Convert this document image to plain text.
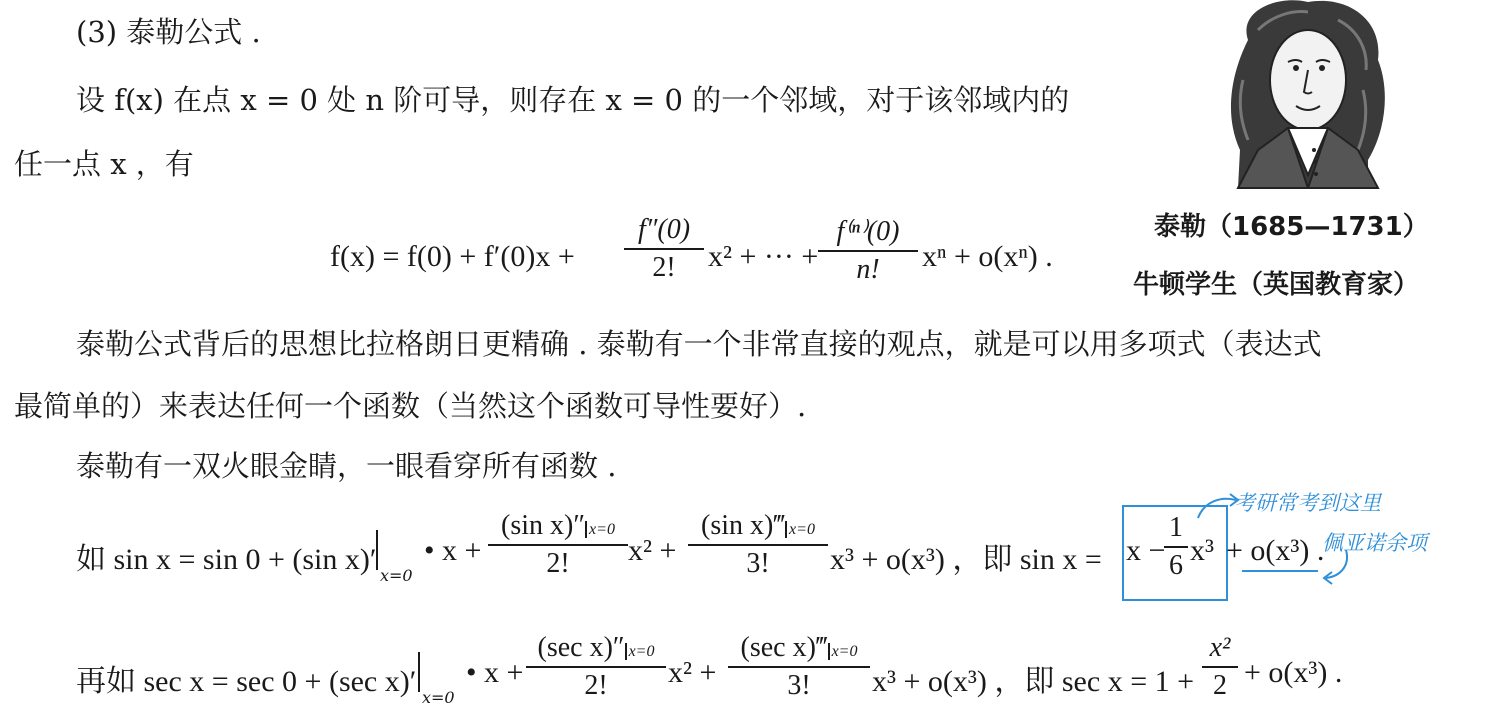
(3) 泰勒公式 .
设 f(x) 在点 x = 0 处 n 阶可导，则存在 x = 0 的一个邻域，对于该邻域内的
任一点 x ，有
f(x) = f(0) + f′(0)x +
f″(0)
2!	x² + ··· +
f⁽ⁿ⁾(0)
n!	xⁿ + o(xⁿ) .
泰勒（1685—1731）
牛顿学生（英国教育家）
泰勒公式背后的思想比拉格朗日更精确 . 泰勒有一个非常直接的观点，就是可以用多项式（表达式
最简单的）来表达任何一个函数（当然这个函数可导性要好）.
泰勒有一双火眼金睛，一眼看穿所有函数 .
如 sin x = sin 0 + (sin x)′ x=0
• x +
(sin x)″ x=0
2!	x² +
(sin x)‴ x=0
3!	x³ + o(x³) ，即 sin x = x −
1
6 x³ + o(x³) .
考研常考到这里
佩亚诺余项
再如 sec x = sec 0 + (sec x)′ x=0
• x +
(sec x)″ x=0
2!	x² +
(sec x)‴ x=0
3!	x³ + o(x³) ，即 sec x = 1 +
x²
2 + o(x³) .
